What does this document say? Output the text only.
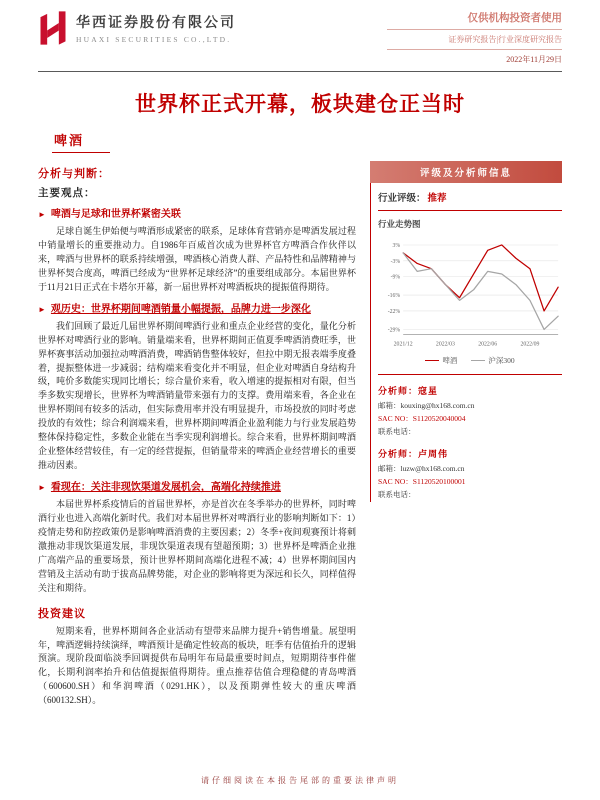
华西证券股份有限公司
HUAXI SECURITIES CO.,LTD.
仅供机构投资者使用
证券研究报告|行业深度研究报告
2022年11月29日
世界杯正式开幕，板块建仓正当时
啤酒
分析与判断：
主要观点：
► 啤酒与足球和世界杯紧密关联

足球自诞生伊始便与啤酒形成紧密的联系，足球体育营销亦是啤酒发展过程中销量增长的重要推动力。自1986年百威首次成为世界杯官方啤酒合作伙伴以来，啤酒与世界杯的联系持续增强，啤酒核心消费人群、产品特性和品牌精神与世界杯契合度高，啤酒已经成为“世界杯足球经济”的重要组成部分。本届世界杯于11月21日正式在卡塔尔开幕，新一届世界杯对啤酒板块的提振值得期待。

► 观历史：世界杯期间啤酒销量小幅提振，品牌力进一步深化

我们回顾了最近几届世界杯期间啤酒行业和重点企业经营的变化，量化分析世界杯对啤酒行业的影响。销量端来看，世界杯期间正值夏季啤酒消费旺季，世界杯赛事活动加强拉动啤酒消费，啤酒销售整体较好，但拉中期无报表端季度叠着，提振整体进一步减弱；结构端来看变化并不明显，但企业对啤酒自身结构升级，吨价多数能实现同比增长；综合量价来看，收入增速的提振相对有限，但当季多数实现增长，世界杯为啤酒销量带来强有力的支撑。费用端来看，各企业在世界杯期间有较多的活动，但实际费用率并没有明显提升，市场投放的同时考虑投放的有效性；综合利润端来看，世界杯期间啤酒企业盈利能力与行业发展趋势整体保持稳定性，多数企业能在当季实现利润增长。综合来看，世界杯期间啤酒企业整体经营较佳，有一定的经营提振，但销量带来的啤酒企业经营增长的重要推动因素。

► 看现在：关注非现饮渠道发展机会，高端化持续推进

本届世界杯系疫情后的首届世界杯，亦是首次在冬季举办的世界杯，同时啤酒行业也进入高端化新时代。我们对本届世界杯对啤酒行业的影响判断如下：1）疫情走势和防控政策仍是影响啤酒消费的主要因素；2）冬季+夜间观赛预计将刺激推动非现饮渠道发展，非现饮渠道表现有望超预期；3）世界杯是啤酒企业推广高端产品的重要场景，预计世界杯期间高端化进程不减；4）世界杯期间国内营销及主活动有助于拔高品牌势能，对企业的影响将更为深远和长久，同样值得关注和期待。

投资建议

短期来看，世界杯期间各企业活动有望带来品牌力提升+销售增量。展望明年，啤酒逻辑持续演绎，啤酒预计是确定性较高的板块，旺季有估值抬升的逻辑预演。现阶段面临淡季回调提供布局明年布局最重要时间点，短期期待事件催化，长期利润率抬升和估值提振值得期待。重点推荐估值合理稳健的青岛啤酒（600600.SH）和华润啤酒（0291.HK），以及预期弹性较大的重庆啤酒（600132.SH）。

评级及分析师信息
行业评级： 推荐
行业走势图
3%
-3%
-9%
-16%
-22%
-29%
2021/12	2022/03	2022/06	2022/09
啤酒	沪深300
分析师：寇星
邮箱：kouxing@hx168.com.cn
SAC NO：S1120520040004
联系电话：
分析师：卢周伟
邮箱：luzw@hx168.com.cn
SAC NO：S1120520100001
联系电话：
请仔细阅读在本报告尾部的重要法律声明
